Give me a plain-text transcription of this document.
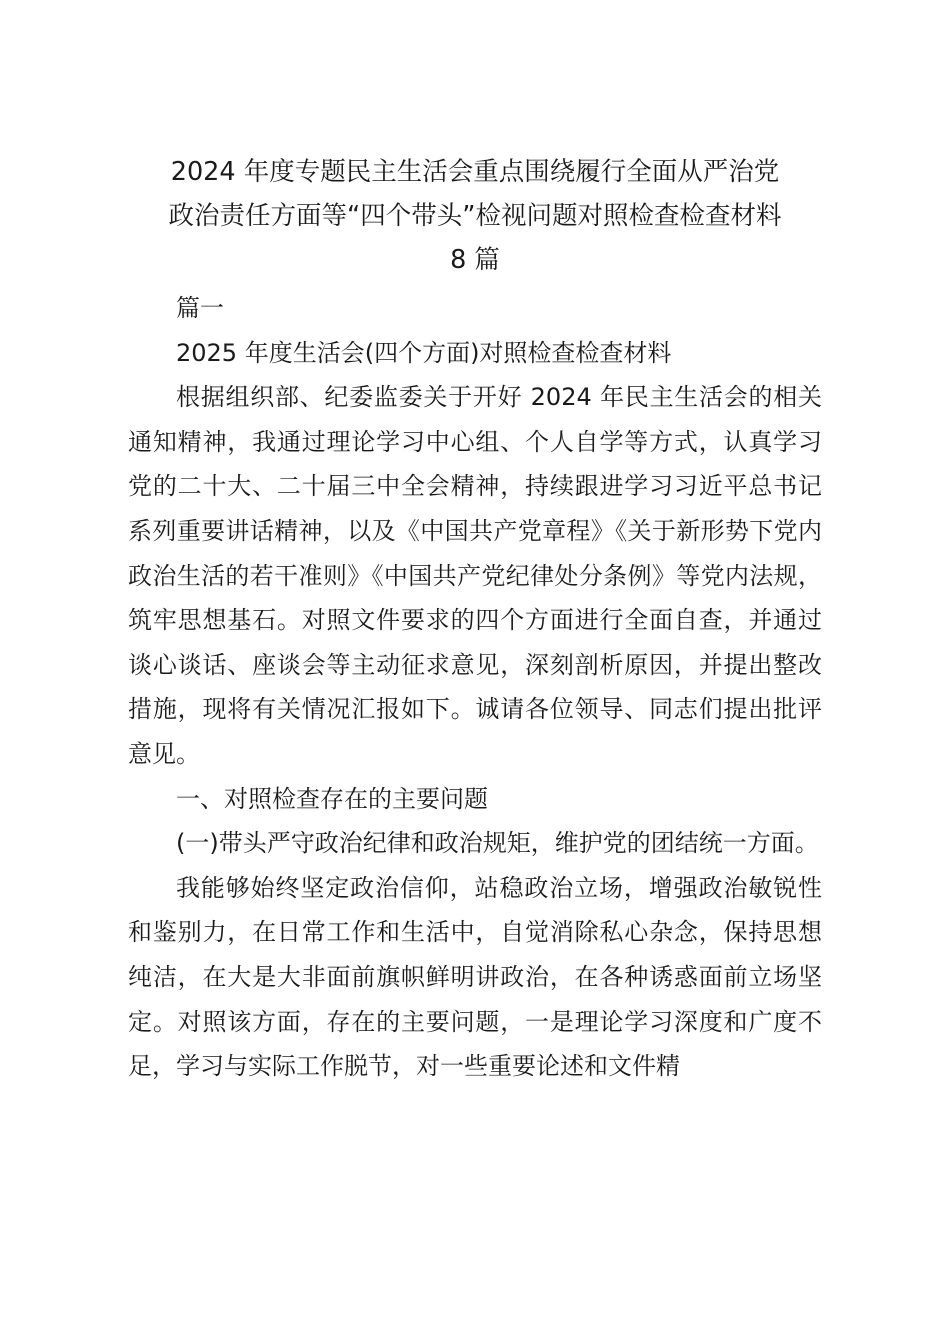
2024 年度专题民主生活会重点围绕履行全面从严治党
政治责任方面等“四个带头”检视问题对照检查检查材料
8 篇

篇一

2025 年度生活会(四个方面)对照检查检查材料

根据组织部、纪委监委关于开好 2024 年民主生活会的相关通知精神，我通过理论学习中心组、个人自学等方式，认真学习党的二十大、二十届三中全会精神，持续跟进学习习近平总书记系列重要讲话精神，以及《中国共产党章程》《关于新形势下党内政治生活的若干准则》《中国共产党纪律处分条例》等党内法规，筑牢思想基石。对照文件要求的四个方面进行全面自查，并通过谈心谈话、座谈会等主动征求意见，深刻剖析原因，并提出整改措施，现将有关情况汇报如下。诚请各位领导、同志们提出批评意见。

一、对照检查存在的主要问题

(一)带头严守政治纪律和政治规矩，维护党的团结统一方面。

我能够始终坚定政治信仰，站稳政治立场，增强政治敏锐性和鉴别力，在日常工作和生活中，自觉消除私心杂念，保持思想纯洁，在大是大非面前旗帜鲜明讲政治，在各种诱惑面前立场坚定。对照该方面，存在的主要问题，一是理论学习深度和广度不足，学习与实际工作脱节，对一些重要论述和文件精
